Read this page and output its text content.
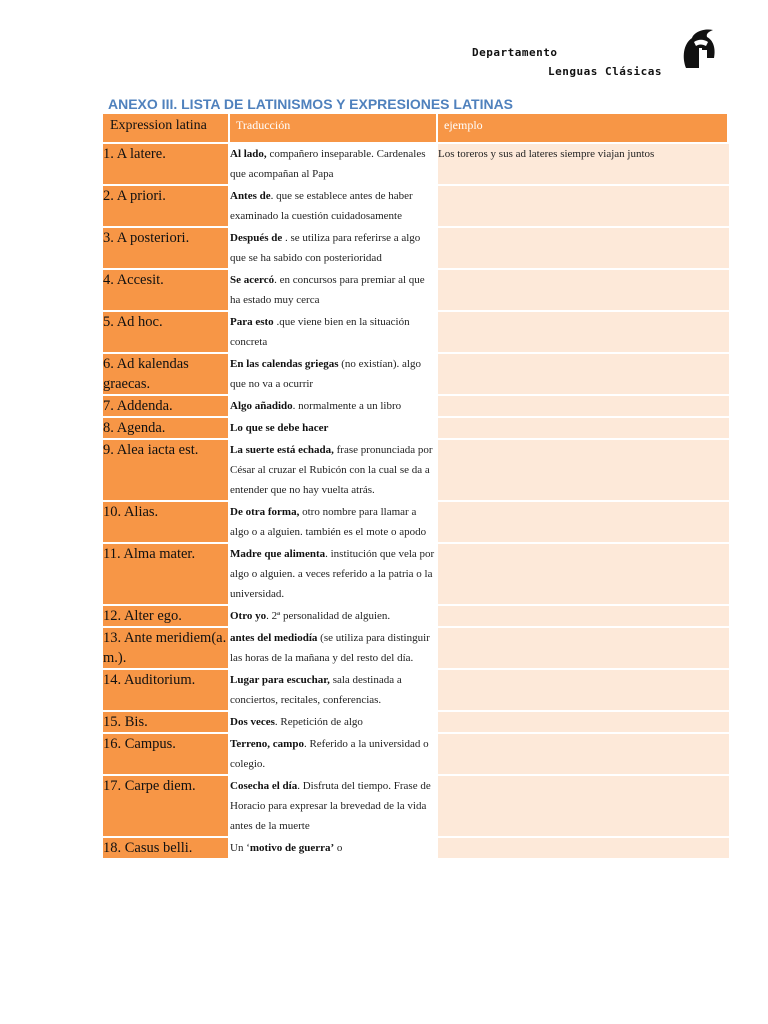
Departamento
Lenguas Clásicas
ANEXO III. LISTA DE LATINISMOS Y EXPRESIONES LATINAS
Expression latina	Traducción	ejemplo
1. A latere.	Al lado, compañero inseparable. Cardenales que acompañan al Papa	Los toreros y sus ad lateres siempre viajan juntos
2. A priori.	Antes de. que se establece antes de haber examinado la cuestión cuidadosamente	
3. A posteriori.	Después de . se utiliza para referirse a algo que se ha sabido con posterioridad	
4. Accesit.	Se acercó. en concursos para premiar al que ha estado muy cerca	
5. Ad hoc.	Para esto .que viene bien en la situación concreta	
6. Ad kalendas graecas.	En las calendas griegas (no existían). algo que no va a ocurrir	
7. Addenda.	Algo añadido. normalmente a un libro	
8. Agenda.	Lo que se debe hacer	
9. Alea iacta est.	La suerte está echada, frase pronunciada por César al cruzar el Rubicón con la cual se da a entender que no hay vuelta atrás.	
10. Alias.	De otra forma, otro nombre para llamar a algo o a alguien. también es el mote o apodo	
11. Alma mater.	Madre que alimenta. institución que vela por algo o alguien. a veces referido a la patria o la universidad.	
12. Alter ego.	Otro yo. 2ª personalidad de alguien.	
13. Ante meridiem(a. m.).	antes del mediodía (se utiliza para distinguir las horas de la mañana y del resto del día.	
14. Auditorium.	Lugar para escuchar, sala destinada a conciertos, recitales, conferencias.	
15. Bis.	Dos veces. Repetición de algo	
16. Campus.	Terreno, campo. Referido a la universidad o colegio.	
17. Carpe diem.	Cosecha el día. Disfruta del tiempo. Frase de Horacio para expresar la brevedad de la vida antes de la muerte	
18. Casus belli.	Un ‘motivo de guerra’ o	
